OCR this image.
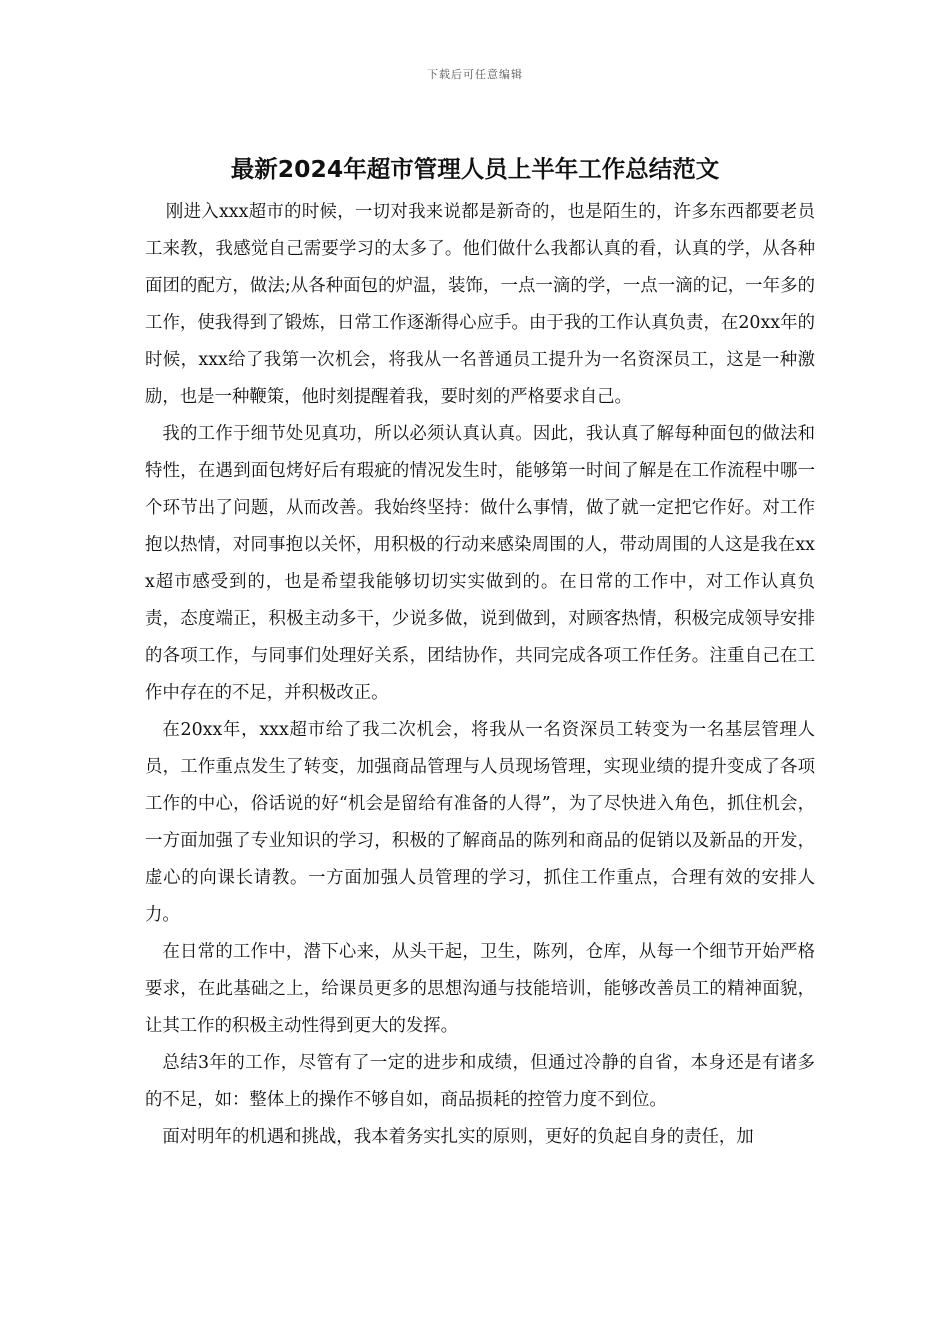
下载后可任意编辑
最新2024年超市管理人员上半年工作总结范文

刚进入xxx超市的时候，一切对我来说都是新奇的，也是陌生的，许多东西都要老员工来教，我感觉自己需要学习的太多了。他们做什么我都认真的看，认真的学，从各种面团的配方，做法;从各种面包的炉温，装饰，一点一滴的学，一点一滴的记，一年多的工作，使我得到了锻炼，日常工作逐渐得心应手。由于我的工作认真负责，在20xx年的时候，xxx给了我第一次机会，将我从一名普通员工提升为一名资深员工，这是一种激励，也是一种鞭策，他时刻提醒着我，要时刻的严格要求自己。

我的工作于细节处见真功，所以必须认真认真。因此，我认真了解每种面包的做法和特性，在遇到面包烤好后有瑕疵的情况发生时，能够第一时间了解是在工作流程中哪一个环节出了问题，从而改善。我始终坚持：做什么事情，做了就一定把它作好。对工作抱以热情，对同事抱以关怀，用积极的行动来感染周围的人，带动周围的人这是我在xxx超市感受到的，也是希望我能够切切实实做到的。在日常的工作中，对工作认真负责，态度端正，积极主动多干，少说多做，说到做到，对顾客热情，积极完成领导安排的各项工作，与同事们处理好关系，团结协作，共同完成各项工作任务。注重自己在工作中存在的不足，并积极改正。

在20xx年，xxx超市给了我二次机会，将我从一名资深员工转变为一名基层管理人员，工作重点发生了转变，加强商品管理与人员现场管理，实现业绩的提升变成了各项工作的中心，俗话说的好“机会是留给有准备的人得”，为了尽快进入角色，抓住机会，一方面加强了专业知识的学习，积极的了解商品的陈列和商品的促销以及新品的开发，虚心的向课长请教。一方面加强人员管理的学习，抓住工作重点，合理有效的安排人力。

在日常的工作中，潜下心来，从头干起，卫生，陈列，仓库，从每一个细节开始严格要求，在此基础之上，给课员更多的思想沟通与技能培训，能够改善员工的精神面貌，让其工作的积极主动性得到更大的发挥。

总结3年的工作，尽管有了一定的进步和成绩，但通过冷静的自省，本身还是有诸多的不足，如：整体上的操作不够自如，商品损耗的控管力度不到位。

面对明年的机遇和挑战，我本着务实扎实的原则，更好的负起自身的责任，加
